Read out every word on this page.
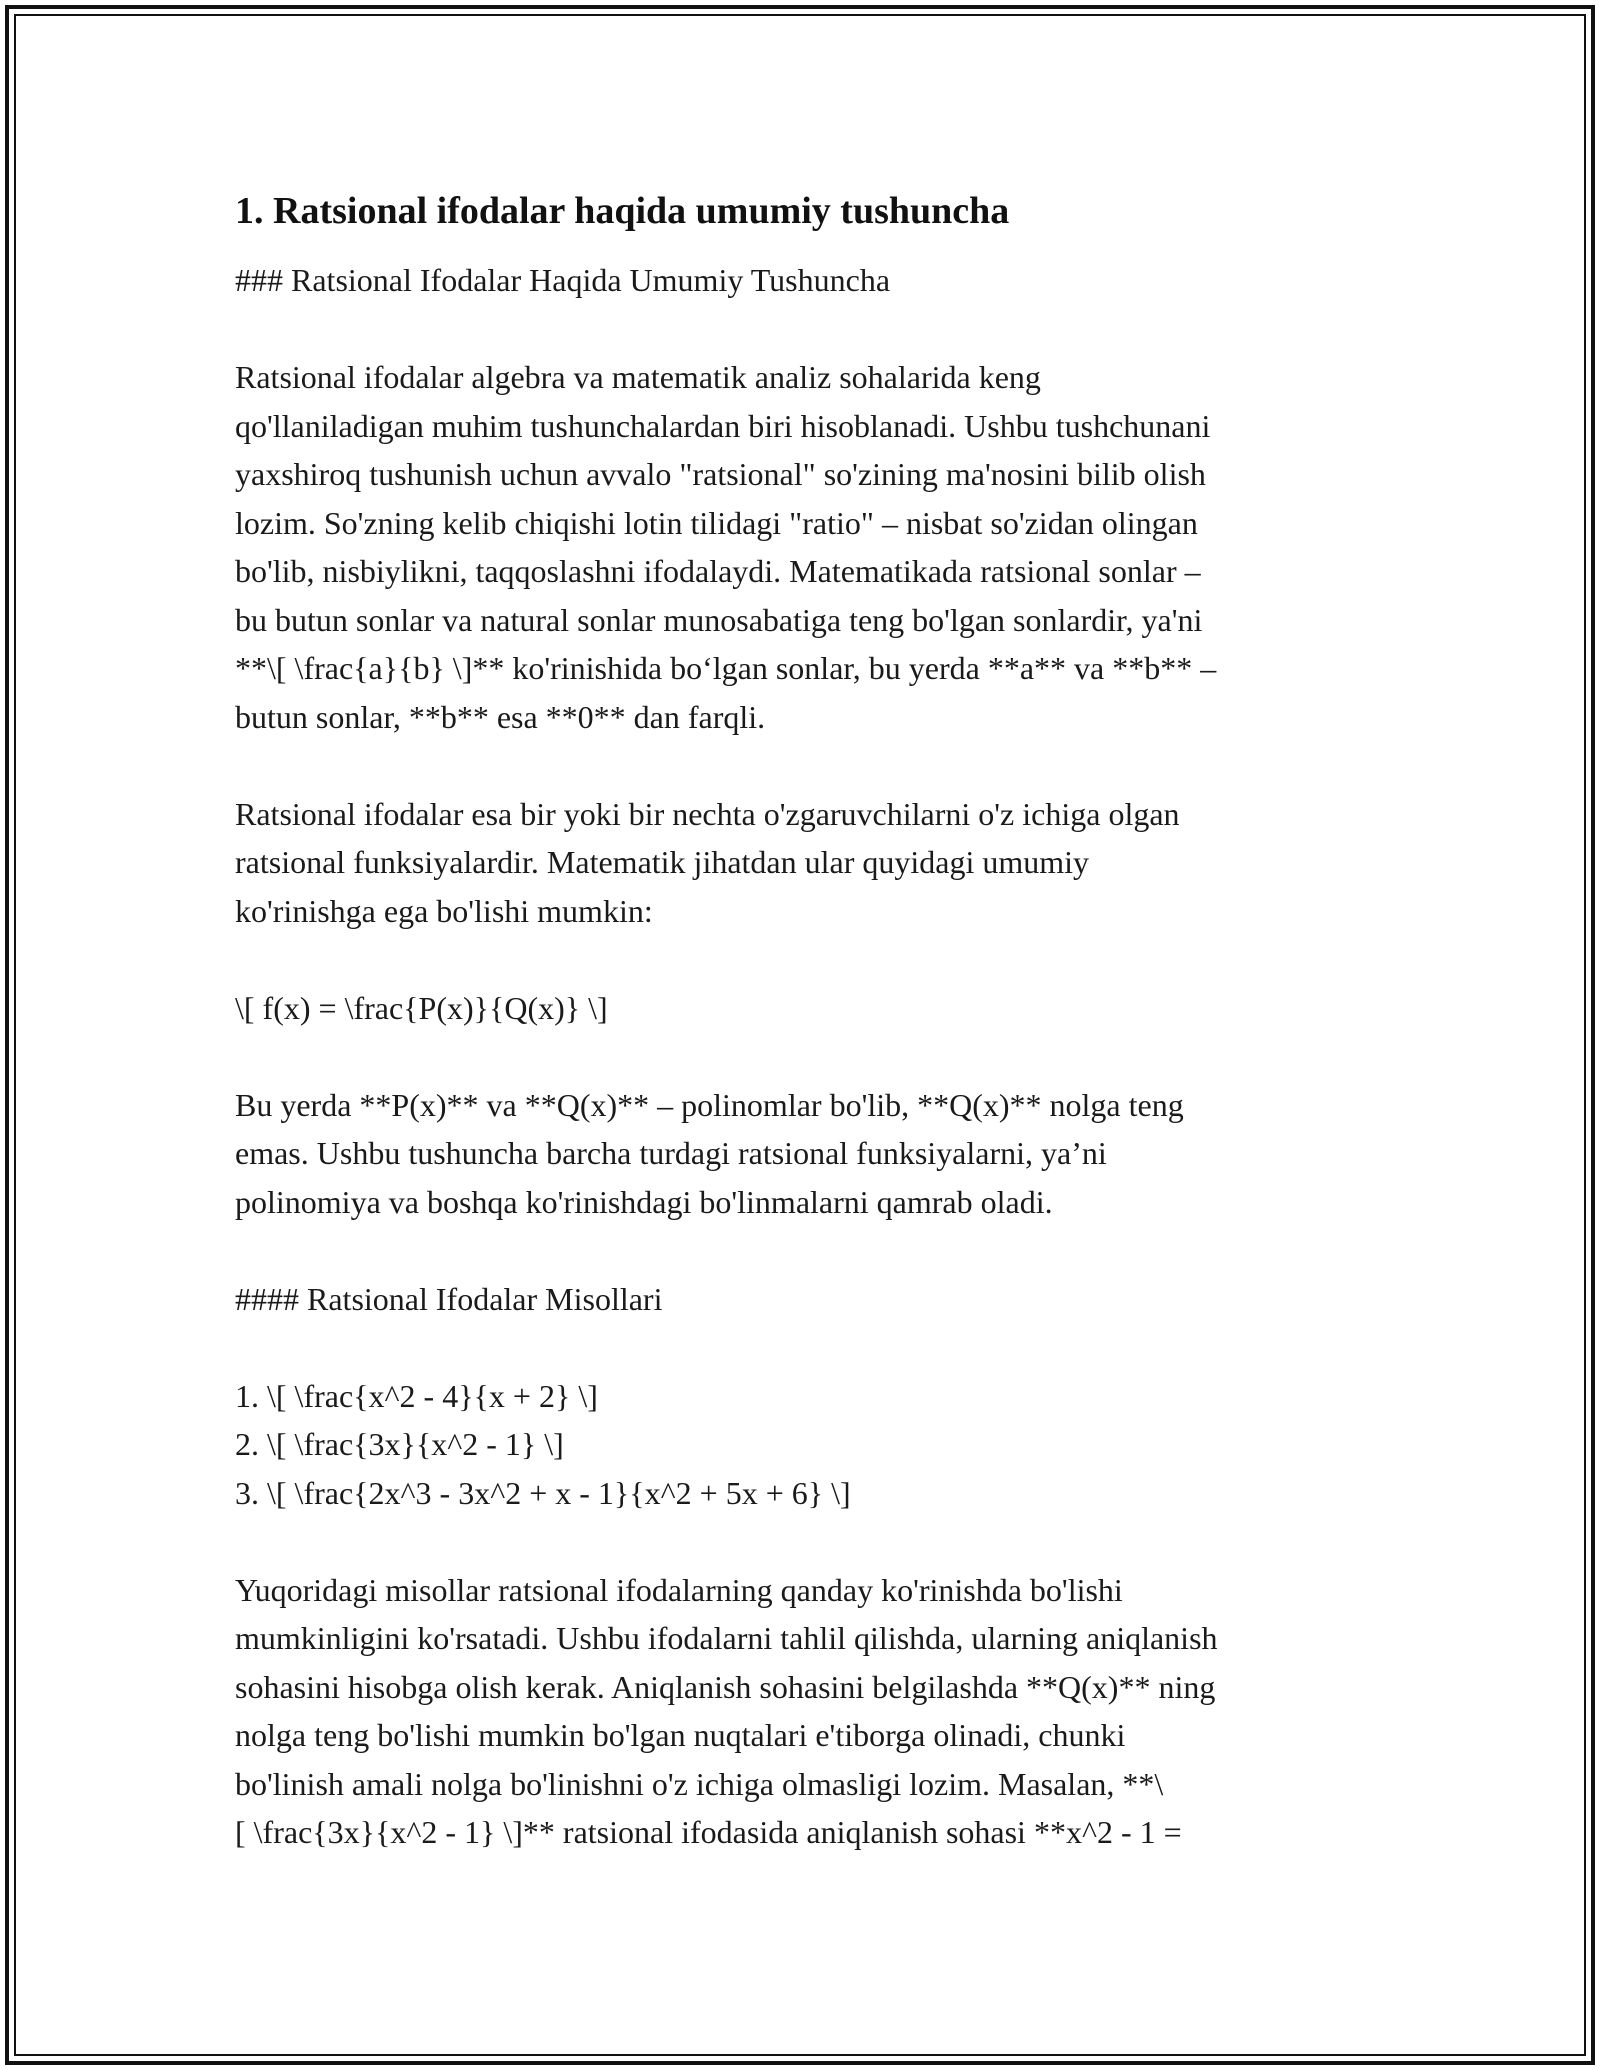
1. Ratsional ifodalar haqida umumiy tushuncha
### Ratsional Ifodalar Haqida Umumiy Tushuncha
Ratsional ifodalar algebra va matematik analiz sohalarida keng
qo'llaniladigan muhim tushunchalardan biri hisoblanadi. Ushbu tushchunani
yaxshiroq tushunish uchun avvalo "ratsional" so'zining ma'nosini bilib olish
lozim. So'zning kelib chiqishi lotin tilidagi "ratio" – nisbat so'zidan olingan
bo'lib, nisbiylikni, taqqoslashni ifodalaydi. Matematikada ratsional sonlar –
bu butun sonlar va natural sonlar munosabatiga teng bo'lgan sonlardir, ya'ni
**\[ \frac{a}{b} \]** ko'rinishida bo‘lgan sonlar, bu yerda **a** va **b** –
butun sonlar, **b** esa **0** dan farqli.
Ratsional ifodalar esa bir yoki bir nechta o'zgaruvchilarni o'z ichiga olgan
ratsional funksiyalardir. Matematik jihatdan ular quyidagi umumiy
ko'rinishga ega bo'lishi mumkin:
\[ f(x) = \frac{P(x)}{Q(x)} \]
Bu yerda **P(x)** va **Q(x)** – polinomlar bo'lib, **Q(x)** nolga teng
emas. Ushbu tushuncha barcha turdagi ratsional funksiyalarni, ya’ni
polinomiya va boshqa ko'rinishdagi bo'linmalarni qamrab oladi.
#### Ratsional Ifodalar Misollari
1. \[ \frac{x^2 - 4}{x + 2} \]
2. \[ \frac{3x}{x^2 - 1} \]
3. \[ \frac{2x^3 - 3x^2 + x - 1}{x^2 + 5x + 6} \]
Yuqoridagi misollar ratsional ifodalarning qanday ko'rinishda bo'lishi
mumkinligini ko'rsatadi. Ushbu ifodalarni tahlil qilishda, ularning aniqlanish
sohasini hisobga olish kerak. Aniqlanish sohasini belgilashda **Q(x)** ning
nolga teng bo'lishi mumkin bo'lgan nuqtalari e'tiborga olinadi, chunki
bo'linish amali nolga bo'linishni o'z ichiga olmasligi lozim. Masalan, **\
[ \frac{3x}{x^2 - 1} \]** ratsional ifodasida aniqlanish sohasi **x^2 - 1 =
